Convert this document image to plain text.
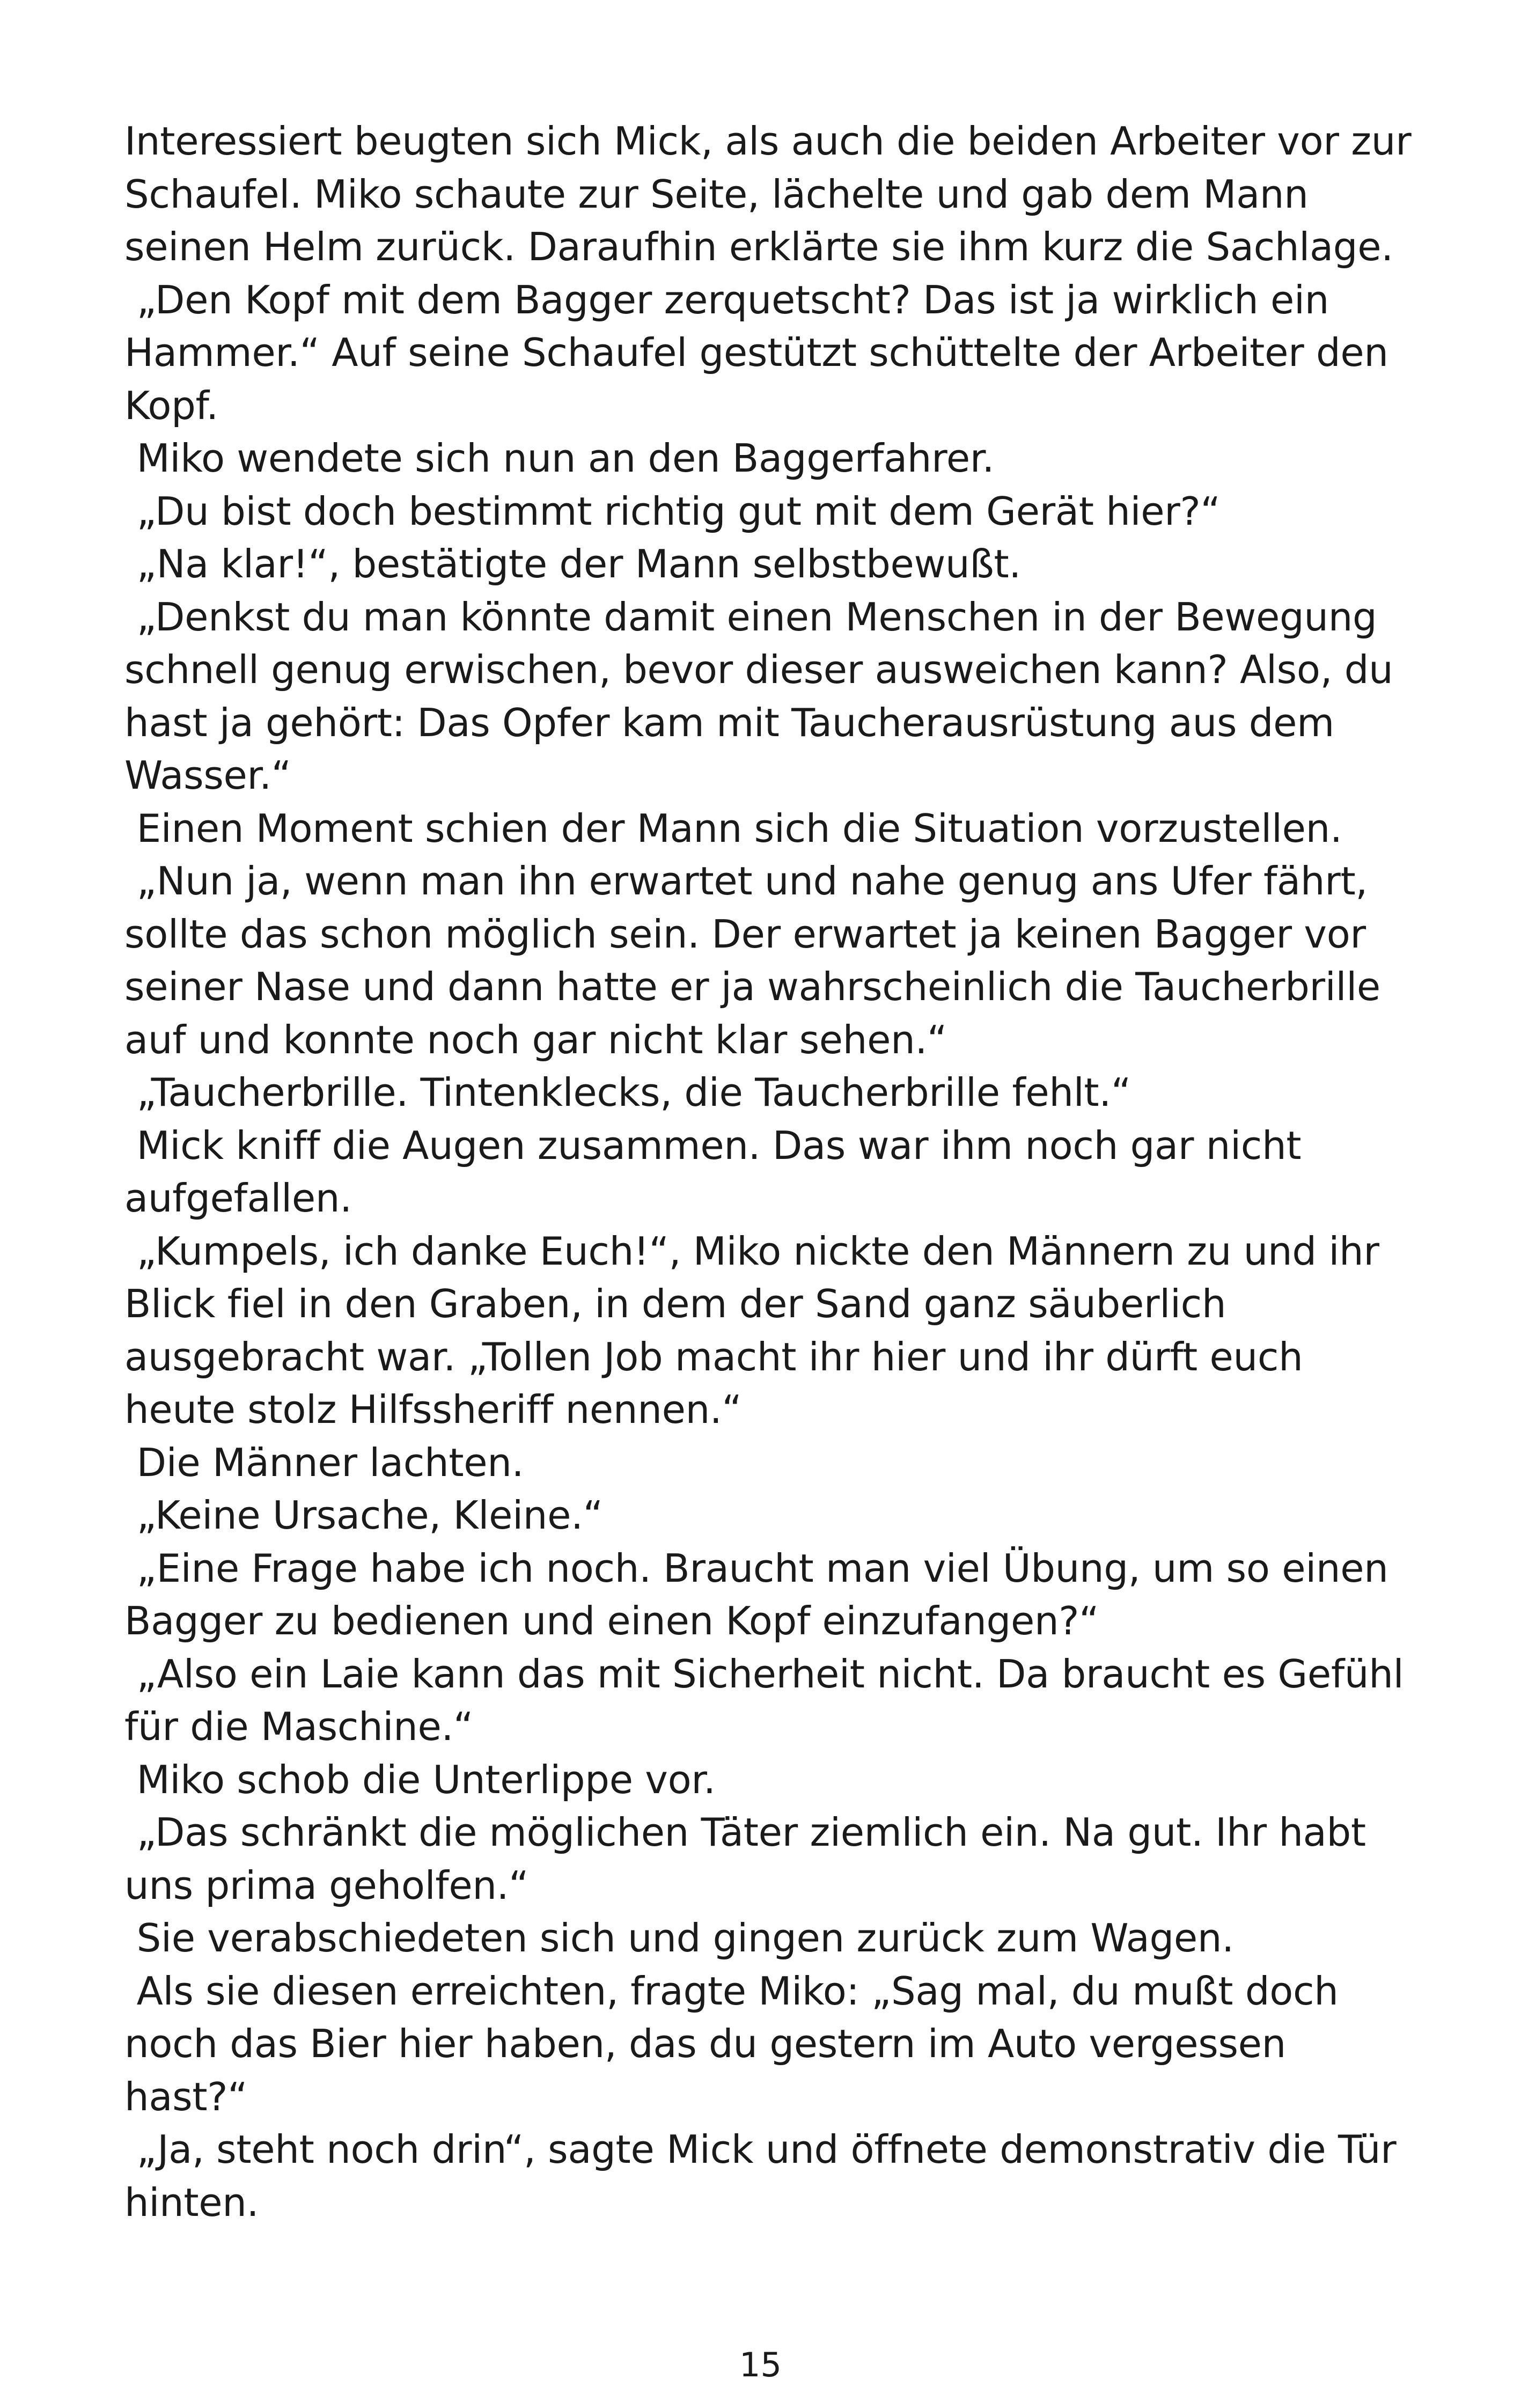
Interessiert beugten sich Mick, als auch die beiden Arbeiter vor zur
Schaufel. Miko schaute zur Seite, lächelte und gab dem Mann
seinen Helm zurück. Daraufhin erklärte sie ihm kurz die Sachlage.
„Den Kopf mit dem Bagger zerquetscht? Das ist ja wirklich ein
Hammer.“ Auf seine Schaufel gestützt schüttelte der Arbeiter den
Kopf.
Miko wendete sich nun an den Baggerfahrer.
„Du bist doch bestimmt richtig gut mit dem Gerät hier?“
„Na klar!“, bestätigte der Mann selbstbewußt.
„Denkst du man könnte damit einen Menschen in der Bewegung
schnell genug erwischen, bevor dieser ausweichen kann? Also, du
hast ja gehört: Das Opfer kam mit Taucherausrüstung aus dem
Wasser.“
Einen Moment schien der Mann sich die Situation vorzustellen.
„Nun ja, wenn man ihn erwartet und nahe genug ans Ufer fährt,
sollte das schon möglich sein. Der erwartet ja keinen Bagger vor
seiner Nase und dann hatte er ja wahrscheinlich die Taucherbrille
auf und konnte noch gar nicht klar sehen.“
„Taucherbrille. Tintenklecks, die Taucherbrille fehlt.“
Mick kniff die Augen zusammen. Das war ihm noch gar nicht
aufgefallen.
„Kumpels, ich danke Euch!“, Miko nickte den Männern zu und ihr
Blick fiel in den Graben, in dem der Sand ganz säuberlich
ausgebracht war. „Tollen Job macht ihr hier und ihr dürft euch
heute stolz Hilfssheriff nennen.“
Die Männer lachten.
„Keine Ursache, Kleine.“
„Eine Frage habe ich noch. Braucht man viel Übung, um so einen
Bagger zu bedienen und einen Kopf einzufangen?“
„Also ein Laie kann das mit Sicherheit nicht. Da braucht es Gefühl
für die Maschine.“
Miko schob die Unterlippe vor.
„Das schränkt die möglichen Täter ziemlich ein. Na gut. Ihr habt
uns prima geholfen.“
Sie verabschiedeten sich und gingen zurück zum Wagen.
Als sie diesen erreichten, fragte Miko: „Sag mal, du mußt doch
noch das Bier hier haben, das du gestern im Auto vergessen
hast?“
„Ja, steht noch drin“, sagte Mick und öffnete demonstrativ die Tür
hinten.
15
